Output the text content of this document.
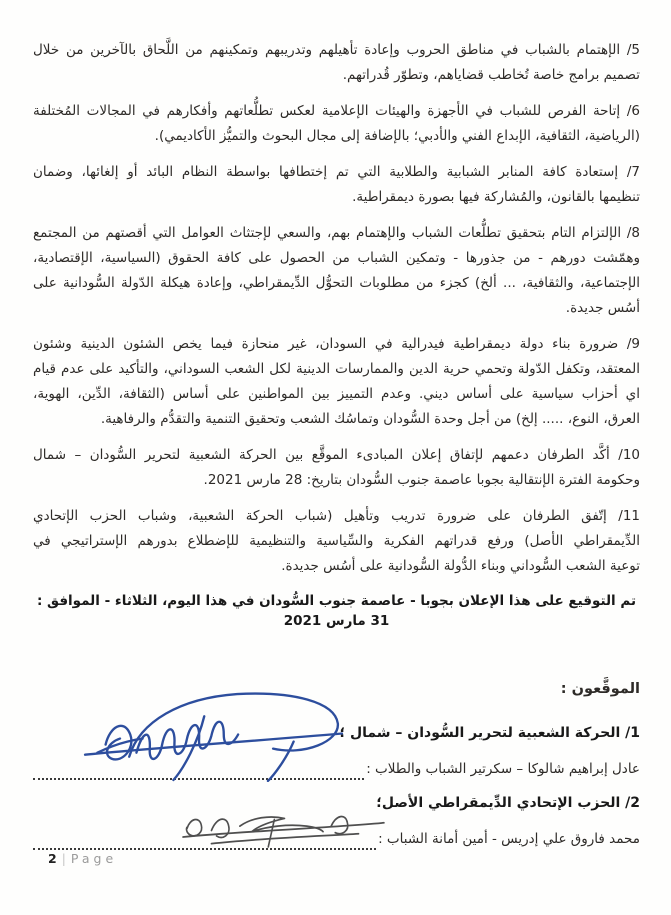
5/ الإهتمام بالشباب في مناطق الحروب وإعادة تأهيلهم وتدريبهم وتمكينهم من اللَّحاق بالآخرين من خلال
تصميم برامج خاصة تُخاطب قضاياهم، وتطوّر قُدراتهم.
6/ إتاحة الفرص للشباب في الأجهزة والهيئات الإعلامية لعكس تطلُّعاتهم وأفكارهم في المجالات المُختلفة
(الرياضية، الثقافية، الإبداع الفني والأدبي؛ بالإضافة إلى مجال البحوث والتميُّز الأكاديمي).
7/ إستعادة كافة المنابر الشبابية والطلابية التي تم إختطافها بواسطة النظام البائد أو إلغائها، وضمان
تنظيمها بالقانون، والمُشاركة فيها بصورة ديمقراطية.
8/ الإلتزام التام بتحقيق تطلُّعات الشباب والإهتمام بهم، والسعي لإجتثاث العوامل التي أقصتهم من المجتمع
وهمّشت دورهم - من جذورها - وتمكين الشباب من الحصول على كافة الحقوق (السياسية، الإقتصادية،
الإجتماعية، والثقافية، ... ألخ) كجزء من مطلوبات التحوُّل الدِّيمقراطي، وإعادة هيكلة الدّولة السُّودانية على
أسُس جديدة.
9/ ضرورة بناء دولة ديمقراطية فيدرالية في السودان، غير منحازة فيما يخص الشئون الدينية وشئون
المعتقد، وتكفل الدّولة وتحمي حرية الدين والممارسات الدينية لكل الشعب السوداني، والتأكيد على عدم قيام
اي أحزاب سياسية على أساس ديني. وعدم التمييز بين المواطنين على أساس (الثقافة، الدِّين، الهوية،
العرق، النوع، ..... إلخ) من أجل وحدة السُّودان وتماسُك الشعب وتحقيق التنمية والتقدُّم والرفاهية.
10/ أكَّد الطرفان دعمهم لإتفاق إعلان المبادىء الموقَّع بين الحركة الشعبية لتحرير السُّودان – شمال
وحكومة الفترة الإنتقالية بجوبا عاصمة جنوب السُّودان بتاريخ: 28 مارس 2021.
11/ إتّفق الطرفان على ضرورة تدريب وتأهيل (شباب الحركة الشعبية، وشباب الحزب الإتحادي
الدِّيمقراطي الأصل) ورفع قدراتهم الفكرية والسِّياسية والتنظيمية للإضطلاع بدورهم الإستراتيجي في
توعية الشعب السُّوداني وبناء الدُّولة السُّودانية على أسُس جديدة.
تم التوقيع على هذا الإعلان بجوبا - عاصمة جنوب السُّودان في هذا اليوم، الثلاثاء - الموافق : 31 مارس 2021
الموقَّعون :
1/ الحركة الشعبية لتحرير السُّودان – شمال ؛
عادل إبراهيم شالوكا – سكرتير الشباب والطلاب :
2/ الحزب الإتحادي الدِّيمقراطي الأصل؛
محمد فاروق علي إدريس - أمين أمانة الشباب :
2 | Page
